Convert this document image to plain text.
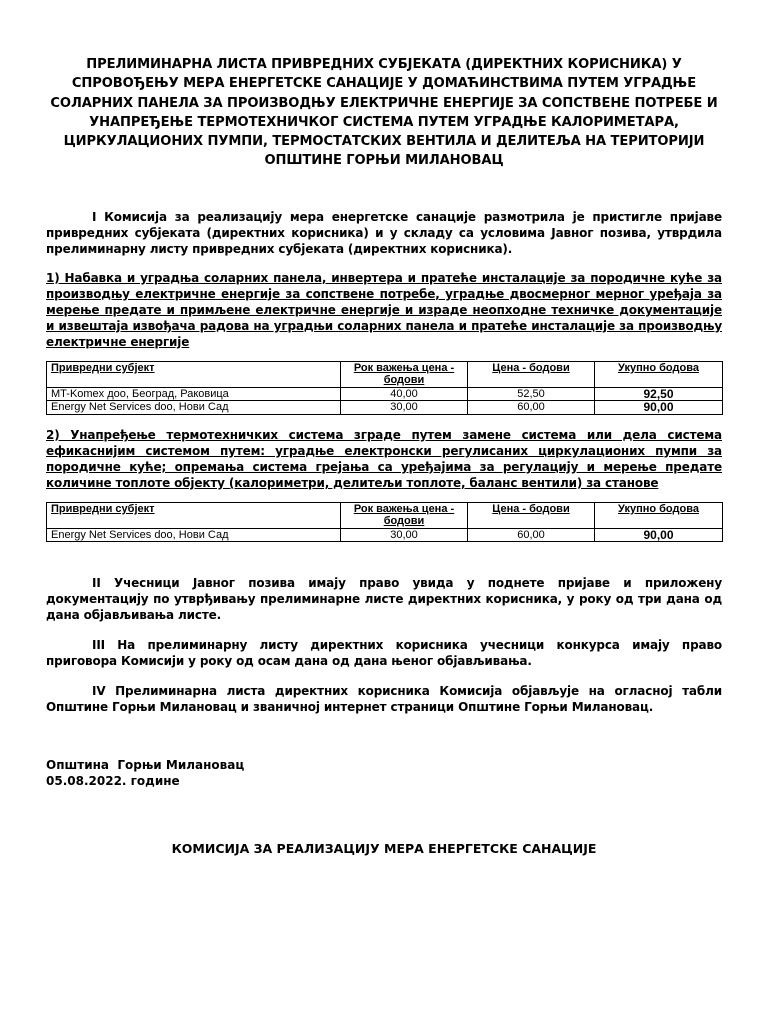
ПРЕЛИМИНАРНА ЛИСТА ПРИВРЕДНИХ СУБЈЕКАТА (ДИРЕКТНИХ КОРИСНИКА) У

СПРОВОЂЕЊУ МЕРА ЕНЕРГЕТСКЕ САНАЦИЈЕ У ДОМАЋИНСТВИМА ПУТЕМ УГРАДЊЕ

СОЛАРНИХ ПАНЕЛА ЗА ПРОИЗВОДЊУ ЕЛЕКТРИЧНЕ ЕНЕРГИЈЕ ЗА СОПСТВЕНЕ ПОТРЕБЕ И

УНАПРЕЂЕЊЕ ТЕРМОТЕХНИЧКОГ СИСТЕМА ПУТЕМ УГРАДЊЕ КАЛОРИМЕТАРА,

ЦИРКУЛАЦИОНИХ ПУМПИ, ТЕРМОСТАТСКИХ ВЕНТИЛА И ДЕЛИТЕЉА НА ТЕРИТОРИЈИ

ОПШТИНЕ ГОРЊИ МИЛАНОВАЦ

I Комисија за реализацију мера енергетске санације размотрила је пристигле пријаве привредних субјеката (директних корисника) и у складу са условима Јавног позива, утврдила прелиминарну листу привредних субјеката (директних корисника).

1) Набавка и уградња соларних панела, инвертера и пратеће инсталације за породичне куће за производњу електричне енергије за сопствене потребе, уградње двосмерног мерног уређаја за мерење предате и примљене електричне енергије и израде неопходне техничке документације и извештаја извођача радова на уградњи соларних панела и пратеће инсталације за производњу електричне енергије

Привредни субјект	Рок важења цена - бодови	Цена - бодови	Укупно бодова
MT-Komex доо, Београд, Раковица	40,00	52,50	92,50
Energy Net Services doo, Нови Сад	30,00	60,00	90,00

2) Унапређење термотехничких система зграде путем замене система или дела система ефикаснијим системом путем: уградње електронски регулисаних циркулационих пумпи за породичне куће; опремања система грејања са уређајима за регулацију и мерење предате количине топлоте објекту (калориметри, делитељи топлоте, баланс вентили) за станове

Привредни субјект	Рок важења цена - бодови	Цена - бодови	Укупно бодова
Energy Net Services doo, Нови Сад	30,00	60,00	90,00

II Учесници Јавног позива имају право увида у поднете пријаве и приложену документацију по утврђивању прелиминарне листе директних корисника, у року од три дана од дана објављивања листе.

III На прелиминарну листу директних корисника учесници конкурса имају право приговора Комисији у року од осам дана од дана њеног објављивања.

IV Прелиминарна листа директних корисника Комисија објављује на огласној табли Општине Горњи Милановац и званичној интернет страници Општине Горњи Милановац.

Општина  Горњи Милановац

05.08.2022. године

КОМИСИЈА ЗА РЕАЛИЗАЦИЈУ МЕРА ЕНЕРГЕТСКЕ САНАЦИЈЕ
